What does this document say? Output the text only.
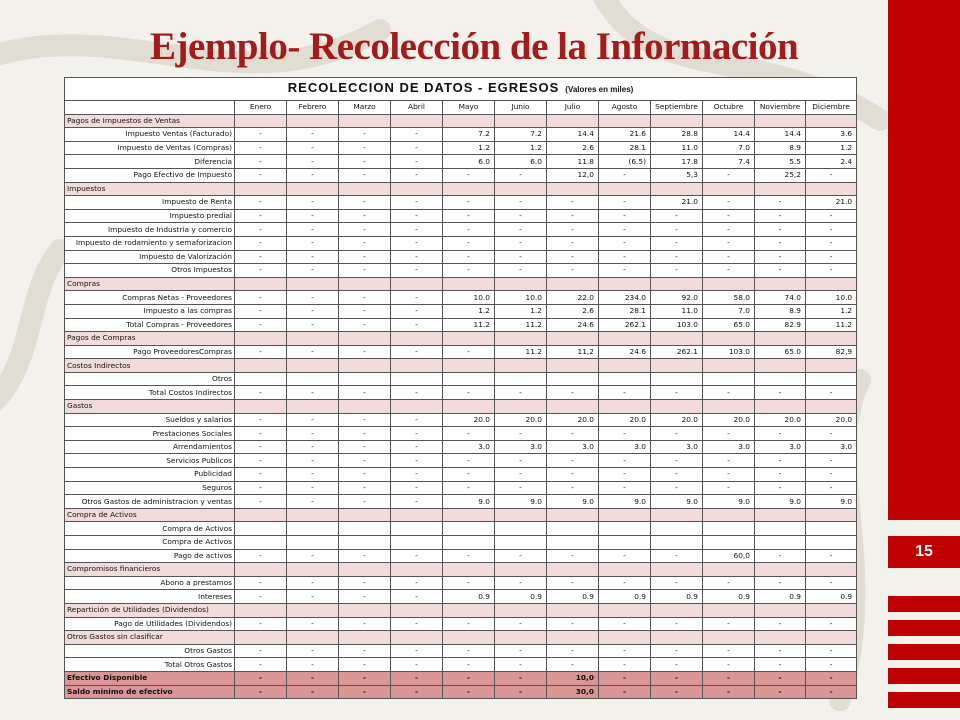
Ejemplo- Recolección de la Información
15
RECOLECCION DE DATOS - EGRESOS (Valores en miles)												
	Enero	Febrero	Marzo	Abril	Mayo	Junio	Julio	Agosto	Septiembre	Octubre	Noviembre	Diciembre
Pagos de Impuestos de Ventas												
Impuesto Ventas (Facturado)	-	-	-	-	7.2	7.2	14.4	21.6	28.8	14.4	14.4	3.6
Impuesto de Ventas (Compras)	-	-	-	-	1.2	1.2	2.6	28.1	11.0	7.0	8.9	1.2
Diferencia	-	-	-	-	6.0	6.0	11.8	(6.5)	17.8	7.4	5.5	2.4
Pago Efectivo de Impuesto	-	-	-	-	-	-	12,0	-	5,3	-	25,2	-
Impuestos												
Impuesto de Renta	-	-	-	-	-	-	-	-	21.0	-	-	21.0
Impuesto predial	-	-	-	-	-	-	-	-	-	-	-	-
Impuesto de Industria y comercio	-	-	-	-	-	-	-	-	-	-	-	-
Impuesto de rodamiento y semaforizacion	-	-	-	-	-	-	-	-	-	-	-	-
Impuesto de Valorización	-	-	-	-	-	-	-	-	-	-	-	-
Otros Impuestos	-	-	-	-	-	-	-	-	-	-	-	-
Compras												
Compras Netas - Proveedores	-	-	-	-	10.0	10.0	22.0	234.0	92.0	58.0	74.0	10.0
Impuesto a las compras	-	-	-	-	1.2	1.2	2.6	28.1	11.0	7.0	8.9	1.2
Total Compras - Proveedores	-	-	-	-	11.2	11.2	24.6	262.1	103.0	65.0	82.9	11.2
Pagos de Compras												
Pago ProveedoresCompras	-	-	-	-	-	11.2	11,2	24.6	262.1	103.0	65.0	82,9
Costos Indirectos												
Otros												
Total Costos Indirectos	-	-	-	-	-	-	-	-	-	-	-	-
Gastos												
Sueldos y salarios	-	-	-	-	20.0	20.0	20.0	20.0	20.0	20.0	20.0	20.0
Prestaciones Sociales	-	-	-	-	-	-	-	-	-	-	-	-
Arrendamientos	-	-	-	-	3.0	3.0	3.0	3.0	3.0	3.0	3.0	3.0
Servicios Publicos	-	-	-	-	-	-	-	-	-	-	-	-
Publicidad	-	-	-	-	-	-	-	-	-	-	-	-
Seguros	-	-	-	-	-	-	-	-	-	-	-	-
Otros Gastos de administracion y ventas	-	-	-	-	9.0	9.0	9.0	9.0	9.0	9.0	9.0	9.0
Compra de Activos												
Compra de Activos												
Compra de Activos												
Pago de activos	-	-	-	-	-	-	-	-	-	60,0	-	-
Compromisos financieros												
Abono a prestamos	-	-	-	-	-	-	-	-	-	-	-	-
Intereses	-	-	-	-	0.9	0.9	0.9	0.9	0.9	0.9	0.9	0.9
Repartición de Utilidades (Dividendos)												
Pago de Utilidades (Dividendos)	-	-	-	-	-	-	-	-	-	-	-	-
Otros Gastos sin clasificar												
Otros Gastos	-	-	-	-	-	-	-	-	-	-	-	-
Total Otros Gastos	-	-	-	-	-	-	-	-	-	-	-	-
Efectivo Disponible	-	-	-	-	-	-	10,0	-	-	-	-	-
Saldo minimo de efectivo	-	-	-	-	-	-	30,0	-	-	-	-	-
